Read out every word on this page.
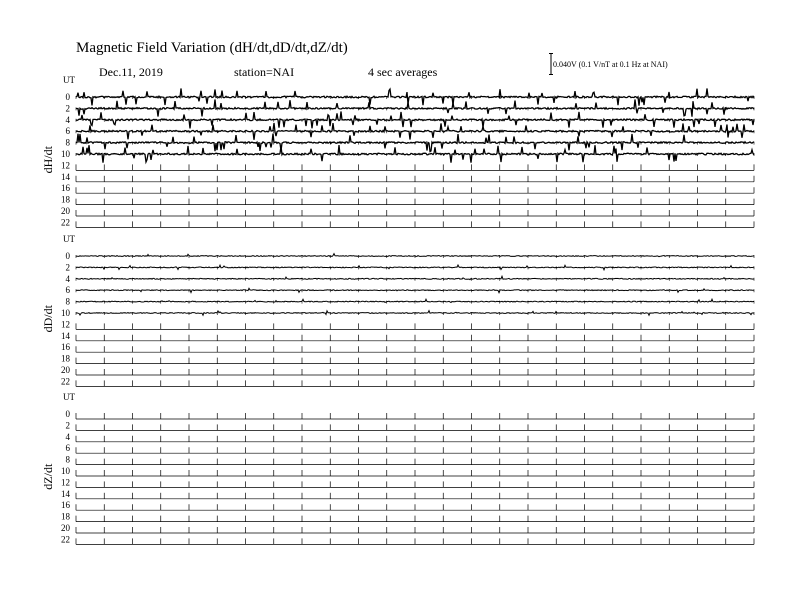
Magnetic Field Variation (dH/dt,dD/dt,dZ/dt)
Dec.11, 2019	station=NAI	4 sec averages
0.040V (0.1 V/nT at 0.1 Hz at NAI)
UT
dH/dt
0
2
4
6
8
10
12
14
16
18
20
22
UT
dD/dt
0
2
4
6
8
10
12
14
16
18
20
22
UT
dZ/dt
0
2
4
6
8
10
12
14
16
18
20
22
